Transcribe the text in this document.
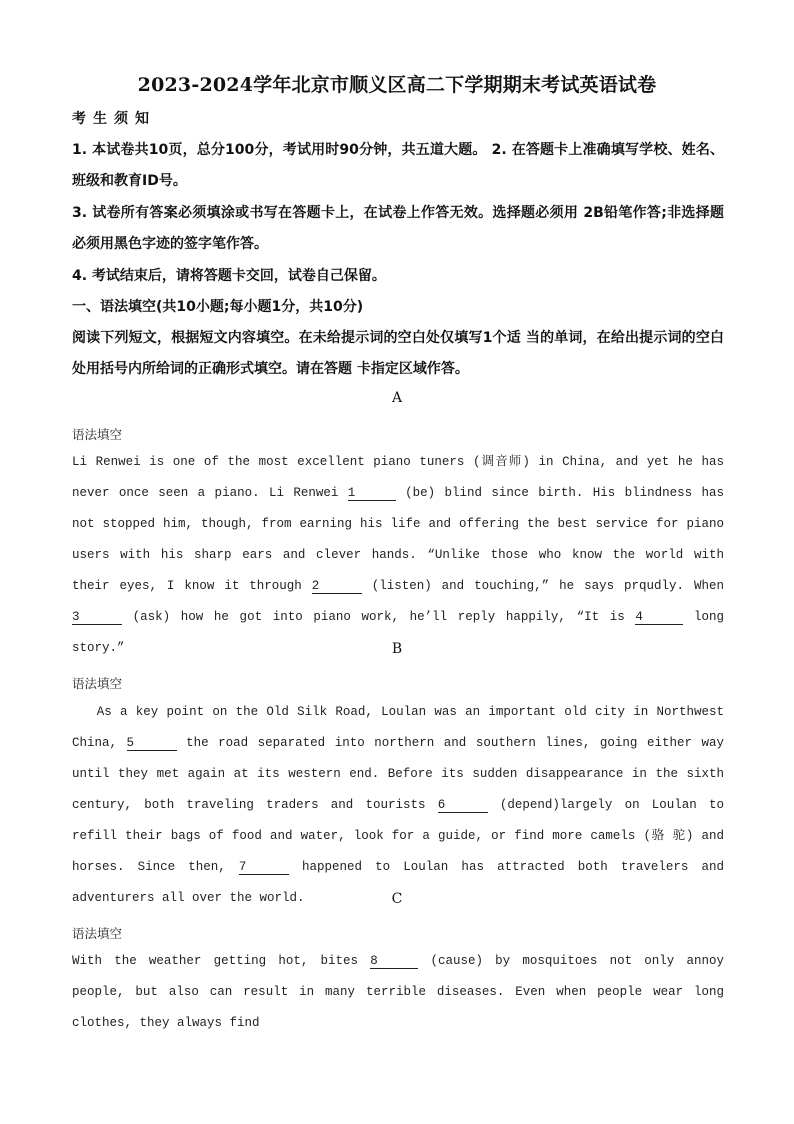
2023-2024学年北京市顺义区高二下学期期末考试英语试卷
考生须知
1. 本试卷共10页，总分100分，考试用时90分钟，共五道大题。 2. 在答题卡上准确填写学校、姓名、班级和教育ID号。
3. 试卷所有答案必须填涂或书写在答题卡上，在试卷上作答无效。选择题必须用 2B铅笔作答;非选择题必须用黑色字迹的签字笔作答。
4. 考试结束后，请将答题卡交回，试卷自己保留。
一、语法填空(共10小题;每小题1分，共10分)
阅读下列短文，根据短文内容填空。在未给提示词的空白处仅填写1个适 当的单词，在给出提示词的空白处用括号内所给词的正确形式填空。请在答题 卡指定区域作答。
A
语法填空
Li Renwei is one of the most excellent piano tuners (调音师) in China, and yet he has never once seen a piano. Li Renwei 1	(be) blind since birth. His blindness has not stopped him, though, from earning his life and offering the best service for piano users with his sharp ears and clever hands. “Unlike those who know the world with their eyes, I know it through 2	(listen) and touching,” he says prqudly. When 3	(ask) how he got into piano work, he’ll reply happily, “It is 4	long story.”	B
语法填空
As a key point on the Old Silk Road, Loulan was an important old city in Northwest China, 5	the road separated into northern and southern lines, going either way until they met again at its western end. Before its sudden disappearance in the sixth century, both traveling traders and tourists 6	(depend)largely on Loulan to refill their bags of food and water, look for a guide, or find more camels (骆 驼) and horses. Since then, 7	happened to Loulan has attracted both travelers and adventurers all over the world.	C
语法填空
With the weather getting hot, bites 8	(cause) by mosquitoes not only annoy people, but also can result in many terrible diseases. Even when people wear long clothes, they always find
